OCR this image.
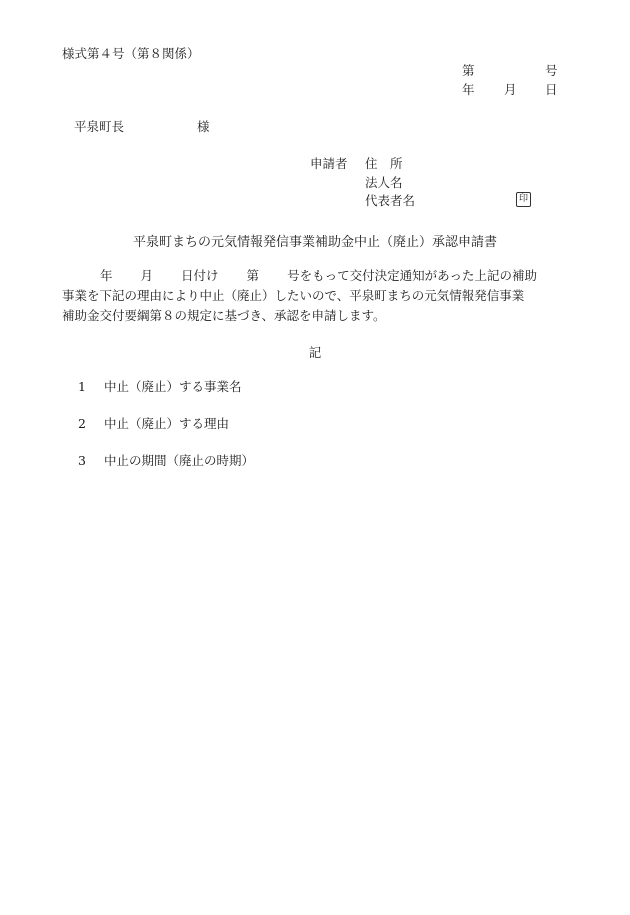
様式第４号（第８関係）
第	号
年 月 日
平泉町長	様
申請者 住　所
法人名
代表者名	印
平泉町まちの元気情報発信事業補助金中止（廃止）承認申請書
年 月 日付け 第 号をもって交付決定通知があった上記の補助
事業を下記の理由により中止（廃止）したいので、平泉町まちの元気情報発信事業
補助金交付要綱第８の規定に基づき、承認を申請します。
記
1 中止（廃止）する事業名
2 中止（廃止）する理由
3 中止の期間（廃止の時期）
